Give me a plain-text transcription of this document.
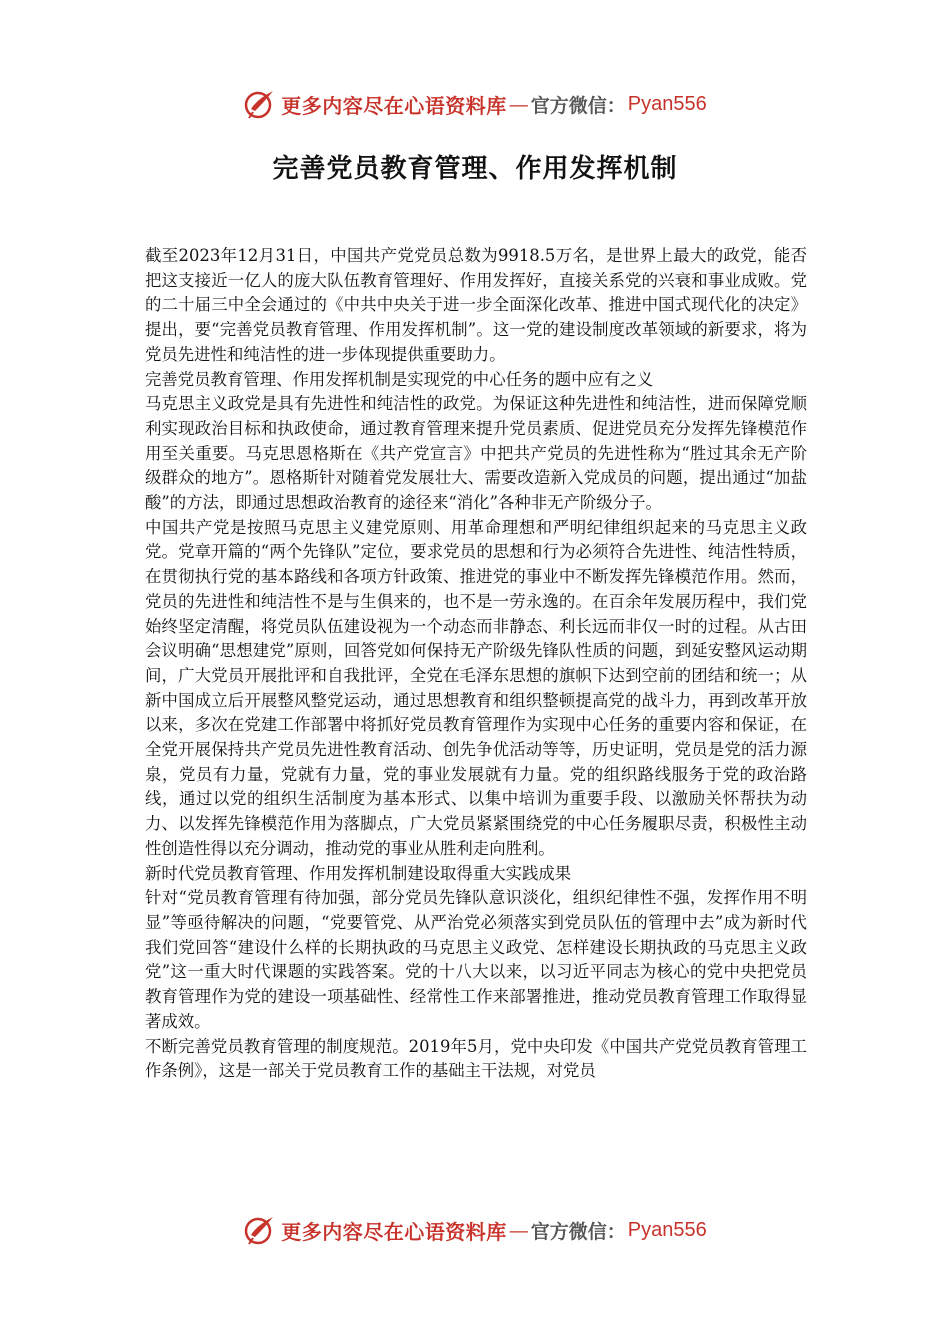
更多内容尽在心语资料库 — 官方微信： Pyan556
完善党员教育管理、作用发挥机制

截至2023年12月31日，中国共产党党员总数为9918.5万名，是世界上最大的政党，能否把这支接近一亿人的庞大队伍教育管理好、作用发挥好，直接关系党的兴衰和事业成败。党的二十届三中全会通过的《中共中央关于进一步全面深化改革、推进中国式现代化的决定》提出，要“完善党员教育管理、作用发挥机制”。这一党的建设制度改革领域的新要求，将为党员先进性和纯洁性的进一步体现提供重要助力。

完善党员教育管理、作用发挥机制是实现党的中心任务的题中应有之义

马克思主义政党是具有先进性和纯洁性的政党。为保证这种先进性和纯洁性，进而保障党顺利实现政治目标和执政使命，通过教育管理来提升党员素质、促进党员充分发挥先锋模范作用至关重要。马克思恩格斯在《共产党宣言》中把共产党员的先进性称为“胜过其余无产阶级群众的地方”。恩格斯针对随着党发展壮大、需要改造新入党成员的问题，提出通过“加盐酸”的方法，即通过思想政治教育的途径来“消化”各种非无产阶级分子。

中国共产党是按照马克思主义建党原则、用革命理想和严明纪律组织起来的马克思主义政党。党章开篇的“两个先锋队”定位，要求党员的思想和行为必须符合先进性、纯洁性特质，在贯彻执行党的基本路线和各项方针政策、推进党的事业中不断发挥先锋模范作用。然而，党员的先进性和纯洁性不是与生俱来的，也不是一劳永逸的。在百余年发展历程中，我们党始终坚定清醒，将党员队伍建设视为一个动态而非静态、利长远而非仅一时的过程。从古田会议明确“思想建党”原则，回答党如何保持无产阶级先锋队性质的问题，到延安整风运动期间，广大党员开展批评和自我批评，全党在毛泽东思想的旗帜下达到空前的团结和统一；从新中国成立后开展整风整党运动，通过思想教育和组织整顿提高党的战斗力，再到改革开放以来，多次在党建工作部署中将抓好党员教育管理作为实现中心任务的重要内容和保证，在全党开展保持共产党员先进性教育活动、创先争优活动等等，历史证明，党员是党的活力源泉，党员有力量，党就有力量，党的事业发展就有力量。党的组织路线服务于党的政治路线，通过以党的组织生活制度为基本形式、以集中培训为重要手段、以激励关怀帮扶为动力、以发挥先锋模范作用为落脚点，广大党员紧紧围绕党的中心任务履职尽责，积极性主动性创造性得以充分调动，推动党的事业从胜利走向胜利。

新时代党员教育管理、作用发挥机制建设取得重大实践成果

针对“党员教育管理有待加强，部分党员先锋队意识淡化，组织纪律性不强，发挥作用不明显”等亟待解决的问题，“党要管党、从严治党必须落实到党员队伍的管理中去”成为新时代我们党回答“建设什么样的长期执政的马克思主义政党、怎样建设长期执政的马克思主义政党”这一重大时代课题的实践答案。党的十八大以来，以习近平同志为核心的党中央把党员教育管理作为党的建设一项基础性、经常性工作来部署推进，推动党员教育管理工作取得显著成效。

不断完善党员教育管理的制度规范。2019年5月，党中央印发《中国共产党党员教育管理工作条例》，这是一部关于党员教育工作的基础主干法规，对党员

更多内容尽在心语资料库 — 官方微信： Pyan556
